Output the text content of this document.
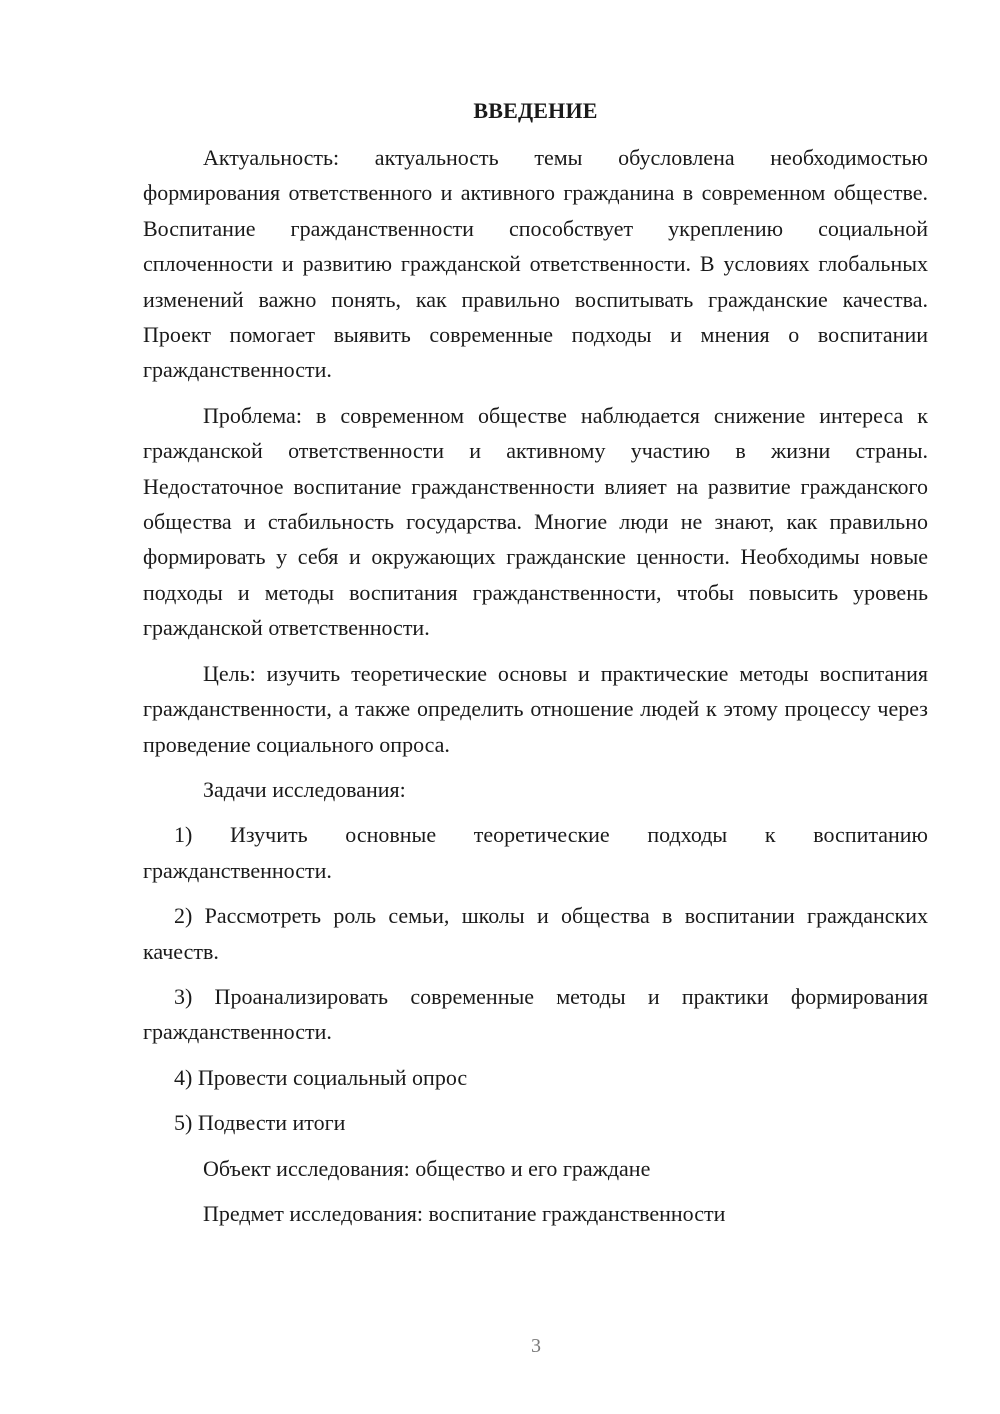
ВВЕДЕНИЕ

Актуальность: актуальность темы обусловлена необходимостью формирования ответственного и активного гражданина в современном обществе. Воспитание гражданственности способствует укреплению социальной сплоченности и развитию гражданской ответственности. В условиях глобальных изменений важно понять, как правильно воспитывать гражданские качества. Проект помогает выявить современные подходы и мнения о воспитании гражданственности.

Проблема: в современном обществе наблюдается снижение интереса к гражданской ответственности и активному участию в жизни страны. Недостаточное воспитание гражданственности влияет на развитие гражданского общества и стабильность государства. Многие люди не знают, как правильно формировать у себя и окружающих гражданские ценности. Необходимы новые подходы и методы воспитания гражданственности, чтобы повысить уровень гражданской ответственности.

Цель: изучить теоретические основы и практические методы воспитания гражданственности, а также определить отношение людей к этому процессу через проведение социального опроса.

Задачи исследования:

1) Изучить основные теоретические подходы к воспитанию гражданственности.

2) Рассмотреть роль семьи, школы и общества в воспитании гражданских качеств.

3) Проанализировать современные методы и практики формирования гражданственности.

4) Провести социальный опрос
5) Подвести итоги
Объект исследования: общество и его граждане
Предмет исследования: воспитание гражданственности
3
